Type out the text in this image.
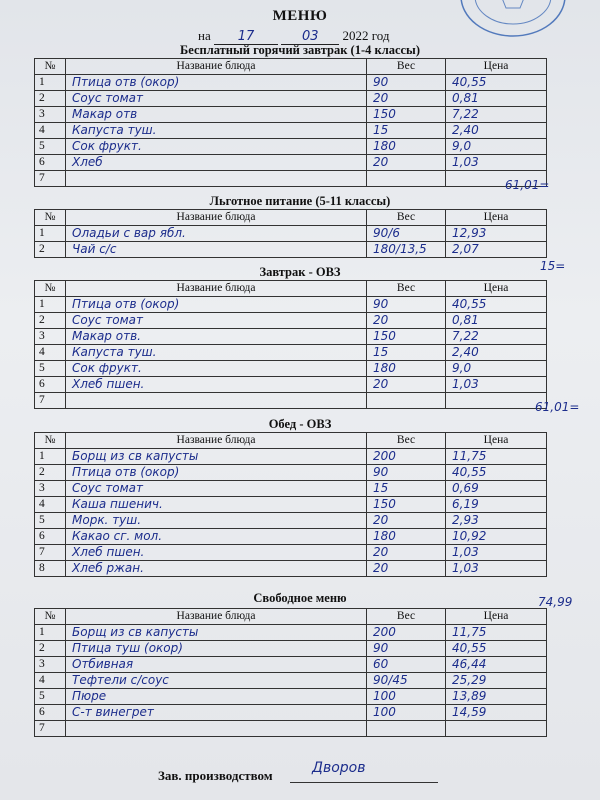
МЕНЮ
на 17	03 2022 год
Бесплатный горячий завтрак (1-4 классы)
№	Название блюда	Вес	Цена
1	Птица отв (окор)	90	40,55
2	Соус томат	20	0,81
3	Макар отв	150	7,22
4	Капуста туш.	15	2,40
5	Сок фрукт.	180	9,0
6	Хлеб	20	1,03
7				61,01=
Льготное питание (5-11 классы)
№	Название блюда	Вес	Цена
1	Оладьи с вар ябл.	90/6	12,93
2	Чай с/с	180/13,5	2,07
15=
Завтрак - ОВЗ
№	Название блюда	Вес	Цена
1	Птица отв (окор)	90	40,55
2	Соус томат	20	0,81
3	Макар отв.	150	7,22
4	Капуста туш.	15	2,40
5	Сок фрукт.	180	9,0
6	Хлеб пшен.	20	1,03
7				61,01=
Обед - ОВЗ
№	Название блюда	Вес	Цена
1	Борщ из св капусты	200	11,75
2	Птица отв (окор)	90	40,55
3	Соус томат	15	0,69
4	Каша пшенич.	150	6,19
5	Морк. туш.	20	2,93
6	Какао сг. мол.	180	10,92
7	Хлеб пшен.	20	1,03
8	Хлеб ржан.	20	1,03
74,99
Свободное меню
№	Название блюда	Вес	Цена
1	Борщ из св капусты	200	11,75
2	Птица туш (окор)	90	40,55
3	Отбивная	60	46,44
4	Тефтели с/соус	90/45	25,29
5	Пюре	100	13,89
6	С-т винегрет	100	14,59
7			
Зав. производством	Дворов
